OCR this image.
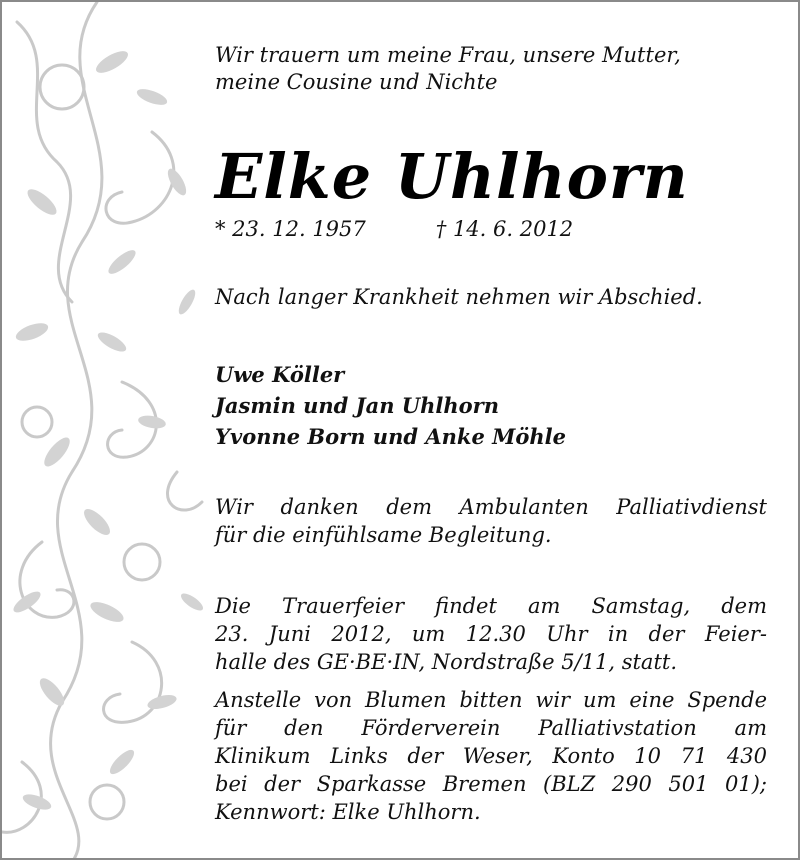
Wir trauern um meine Frau, unsere Mutter,
meine Cousine und Nichte

Elke Uhlhorn

* 23. 12. 1957	† 14. 6. 2012

Nach langer Krankheit nehmen wir Abschied.

Uwe Köller
Jasmin und Jan Uhlhorn
Yvonne Born und Anke Möhle

Wir danken dem Ambulanten Palliativdienst
für die einfühlsame Begleitung.

Die Trauerfeier findet am Samstag, dem
23. Juni 2012, um 12.30 Uhr in der Feier-
halle des GE·BE·IN, Nordstraße 5/11, statt.

Anstelle von Blumen bitten wir um eine Spende
für den Förderverein Palliativstation am
Klinikum Links der Weser, Konto 10 71 430
bei der Sparkasse Bremen (BLZ 290 501 01);
Kennwort: Elke Uhlhorn.
